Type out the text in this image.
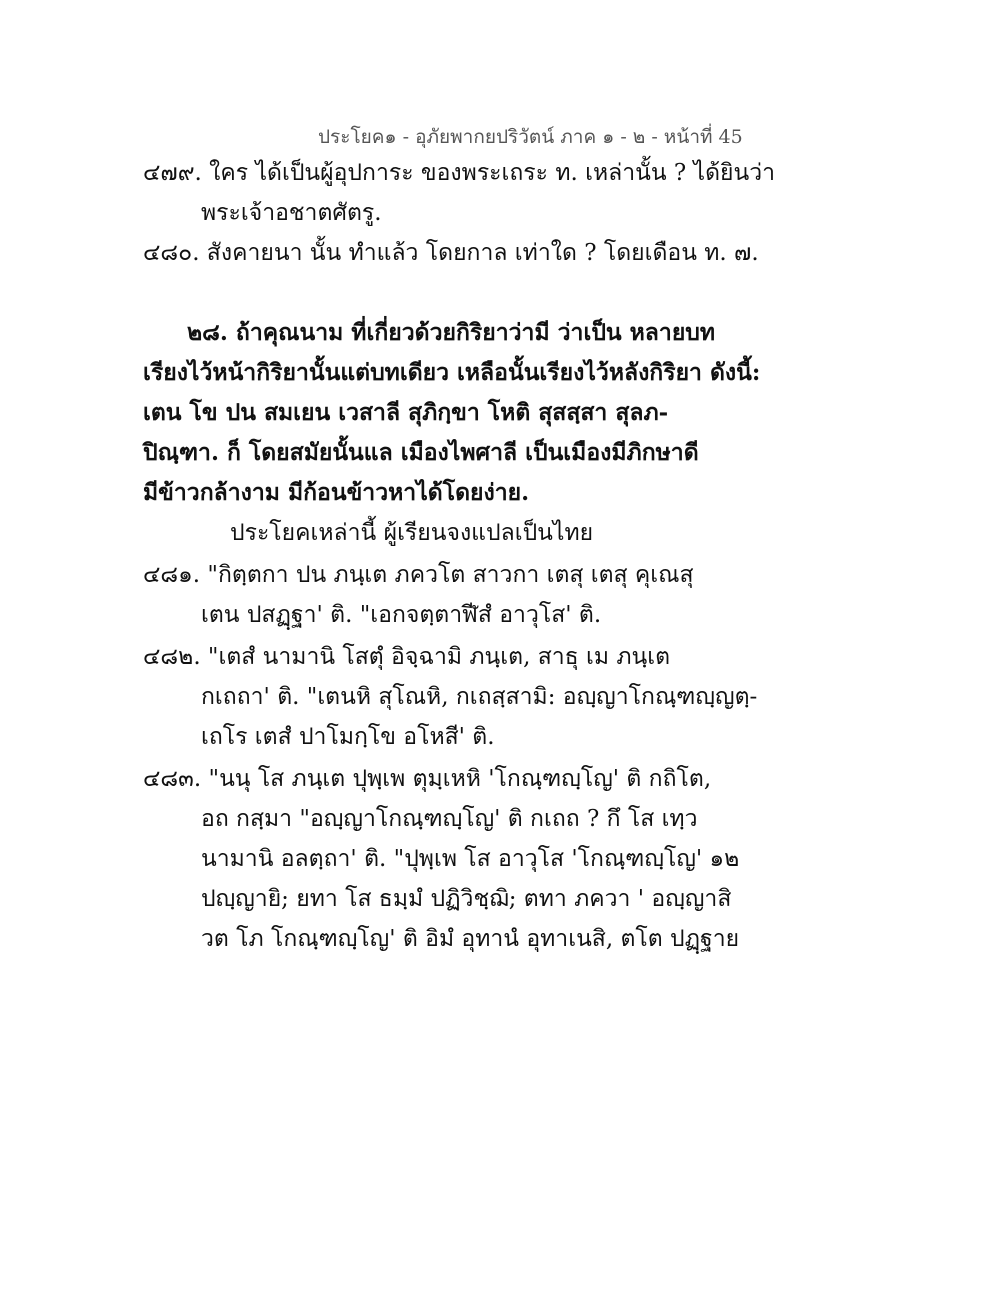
ประโยค๑ - อุภัยพากยปริวัตน์ ภาค ๑ - ๒ - หน้าที่ 45
๔๗๙. ใคร ได้เป็นผู้อุปการะ ของพระเถระ ท. เหล่านั้น ? ได้ยินว่า
พระเจ้าอชาตศัตรู.
๔๘๐. สังคายนา นั้น ทำแล้ว โดยกาล เท่าใด ? โดยเดือน ท. ๗.
๒๘. ถ้าคุณนาม ที่เกี่ยวด้วยกิริยาว่ามี ว่าเป็น หลายบท
เรียงไว้หน้ากิริยานั้นแต่บทเดียว เหลือนั้นเรียงไว้หลังกิริยา ดังนี้:
เตน โข ปน สมเยน เวสาลี สุภิกฺขา โหติ สุสสฺสา สุลภ-
ปิณฺฑา. ก็ โดยสมัยนั้นแล เมืองไพศาลี เป็นเมืองมีภิกษาดี
มีข้าวกล้างาม มีก้อนข้าวหาได้โดยง่าย.
ประโยคเหล่านี้ ผู้เรียนจงแปลเป็นไทย
๔๘๑. "กิตฺตกา ปน ภนฺเต ภควโต สาวกา เตสุ เตสุ คุเณสุ
เตน ปสฏฺฐา' ติ. "เอกจตฺตาฬีสํ อาวุโส' ติ.
๔๘๒. "เตสํ นามานิ โสตุํ อิจฺฉามิ ภนฺเต, สาธุ เม ภนฺเต
กเถถา' ติ. "เตนหิ สุโณหิ, กเถสฺสามิ: อญฺญาโกณฺฑญฺญตฺ-
เถโร เตสํ ปาโมกฺโข อโหสี' ติ.
๔๘๓. "นนุ โส ภนฺเต ปุพฺเพ ตุมฺเหหิ 'โกณฺฑญฺโญ' ติ กถิโต,
อถ กสฺมา "อญฺญาโกณฺฑญฺโญ' ติ กเถถ ? กึ โส เทฺว
นามานิ อลตฺถา' ติ. "ปุพฺเพ โส อาวุโส 'โกณฺฑญฺโญ' ๑๒
ปญฺญายิ; ยทา โส ธมฺมํ ปฏิวิชฺฌิ; ตทา ภควา ' อญฺญาสิ
วต โภ โกณฺฑญฺโญ' ติ อิมํ อุทานํ อุทาเนสิ, ตโต ปฏฺฐาย
